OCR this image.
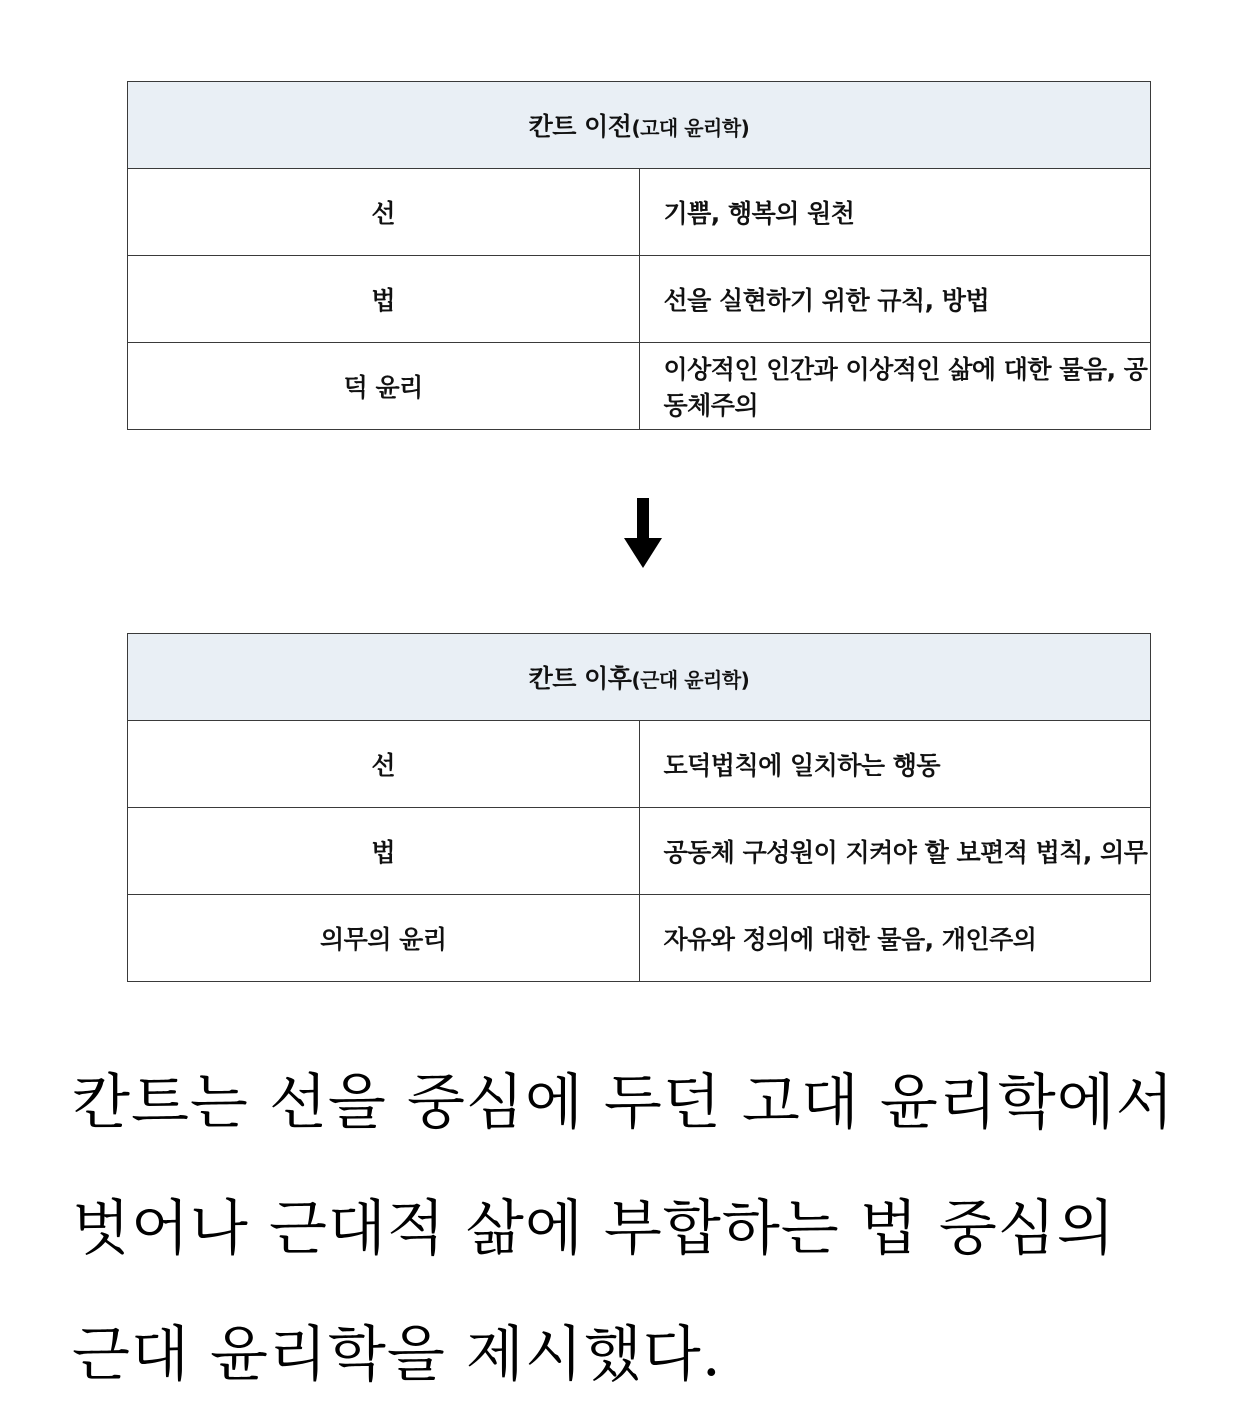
칸트 이전(고대 윤리학)	
선	기쁨, 행복의 원천
법	선을 실현하기 위한 규칙, 방법
덕 윤리	이상적인 인간과 이상적인 삶에 대한 물음, 공동체주의
칸트 이후(근대 윤리학)	
선	도덕법칙에 일치하는 행동
법	공동체 구성원이 지켜야 할 보편적 법칙, 의무
의무의 윤리	자유와 정의에 대한 물음, 개인주의

칸트는 선을 중심에 두던 고대 윤리학에서 벗어나 근대적 삶에 부합하는 법 중심의 근대 윤리학을 제시했다.
